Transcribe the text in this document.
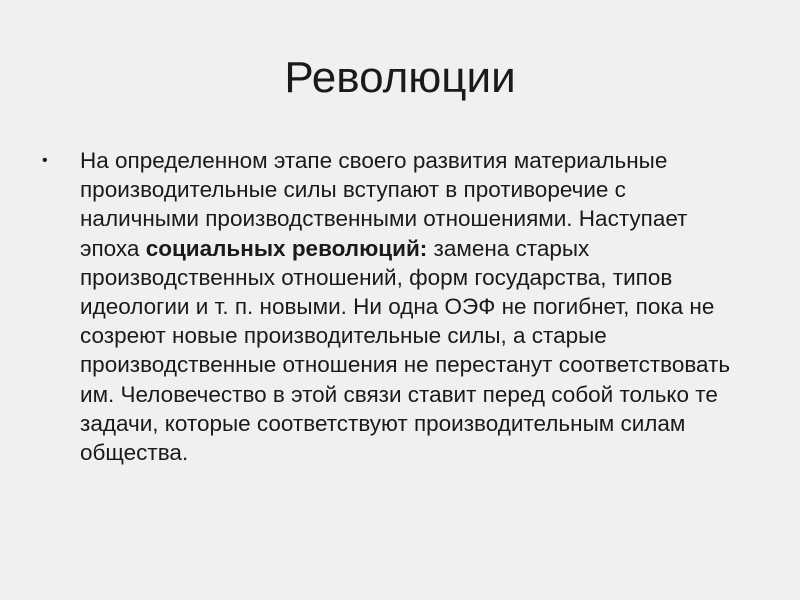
Революции
• На определенном этапе своего развития материальные производительные силы вступают в противоречие с наличными производственными отношениями. Наступает эпоха социальных революций: замена старых производственных отношений, форм государства, типов идеологии и т. п. новыми. Ни одна ОЭФ не погибнет, пока не созреют новые производительные силы, а старые производственные отношения не перестанут соответствовать им. Человечество в этой связи ставит перед собой только те задачи, которые соответствуют производительным силам общества.
